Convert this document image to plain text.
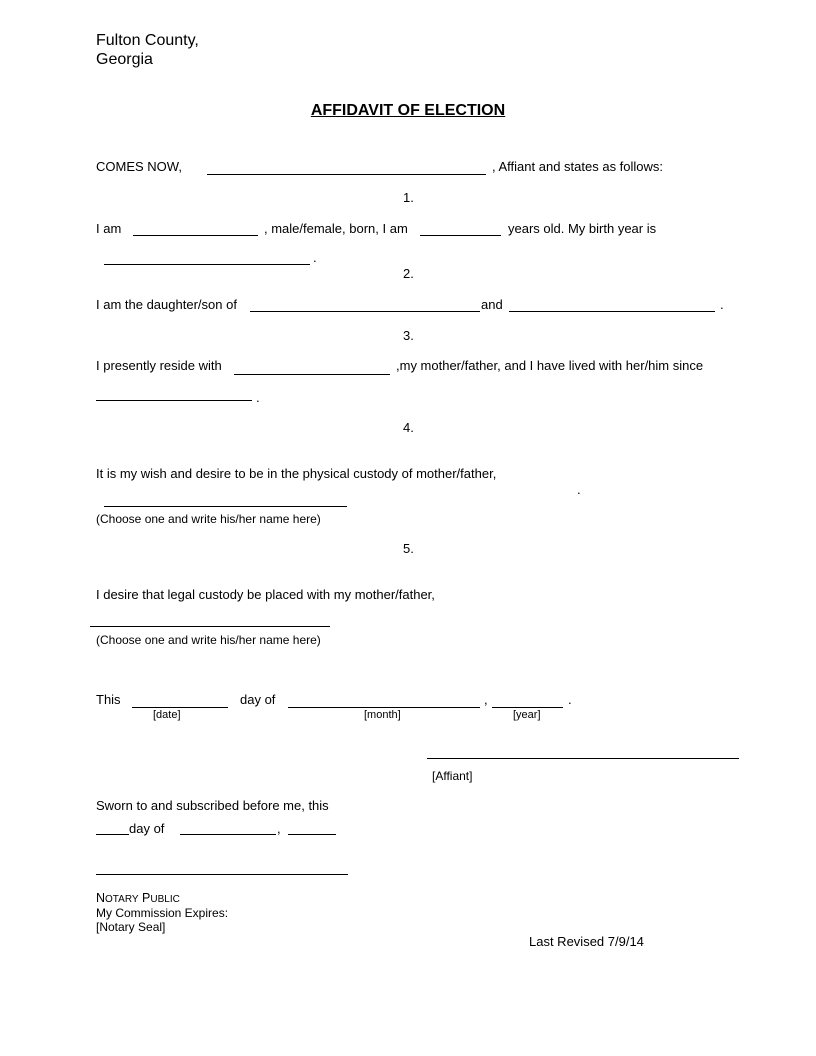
Fulton County,
Georgia
AFFIDAVIT OF ELECTION
COMES NOW,	, Affiant and states as follows:
1.
I am	, male/female, born, I am	years old. My birth year is
.
2.
I am the daughter/son of	and	.
3.
I presently reside with	,my mother/father, and I have lived with her/him since
.
4.
It is my wish and desire to be in the physical custody of mother/father,
.
(Choose one and write his/her name here)
5.
I desire that legal custody be placed with my mother/father,
(Choose one and write his/her name here)
This	day of	,	.
[date]	[month]	[year]
[Affiant]
Sworn to and subscribed before me, this
day of	,
NOTARY PUBLIC
My Commission Expires:
[Notary Seal]
Last Revised 7/9/14
